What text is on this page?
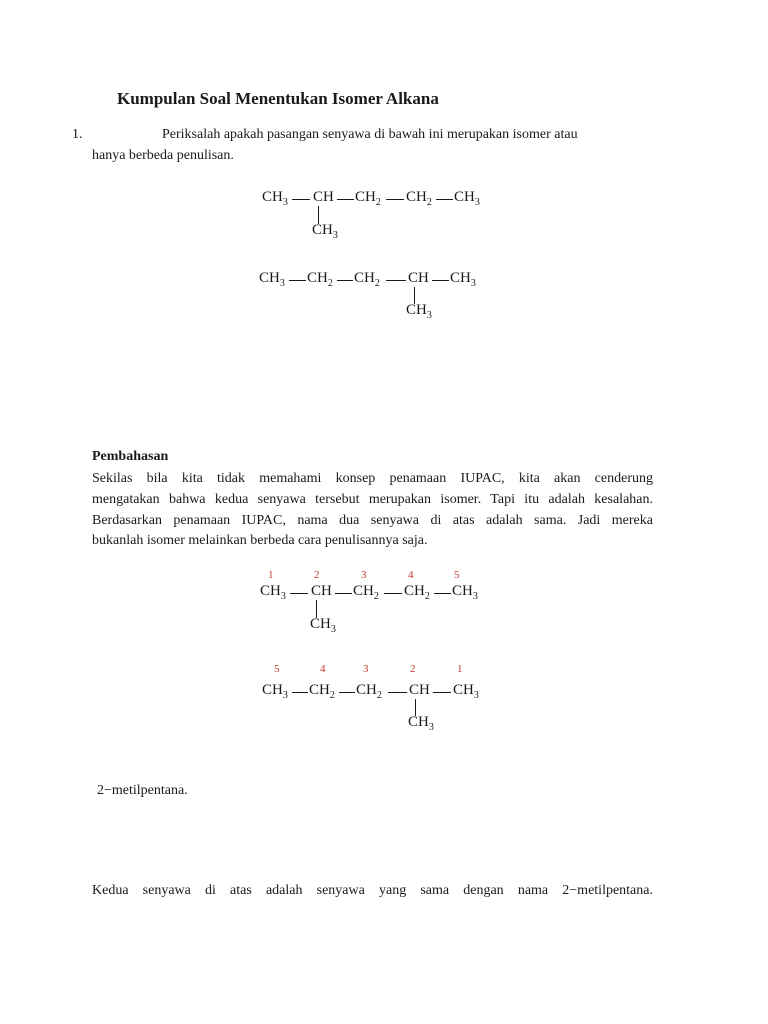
Kumpulan Soal Menentukan Isomer Alkana
1.	Periksalah apakah pasangan senyawa di bawah ini merupakan isomer atau
hanya berbeda penulisan.
$CH_3$ CH $CH_2$ $CH_2$ $CH_3$
$CH_3$
$CH_3$ $CH_2$ $CH_2$ CH $CH_3$
$CH_3$
Pembahasan
Sekilas bila kita tidak memahami konsep penamaan IUPAC, kita akan cenderung
mengatakan bahwa kedua senyawa tersebut merupakan isomer. Tapi itu adalah kesalahan.
Berdasarkan penamaan IUPAC, nama dua senyawa di atas adalah sama. Jadi mereka
bukanlah isomer melainkan berbeda cara penulisannya saja.
1	2	3	4	5
$CH_3$ CH $CH_2$ $CH_2$ $CH_3$
$CH_3$
5	4	3	2	1
$CH_3$ $CH_2$ $CH_2$ CH $CH_3$
$CH_3$
2−metilpentana.
Kedua senyawa di atas adalah senyawa yang sama dengan nama 2−metilpentana.
